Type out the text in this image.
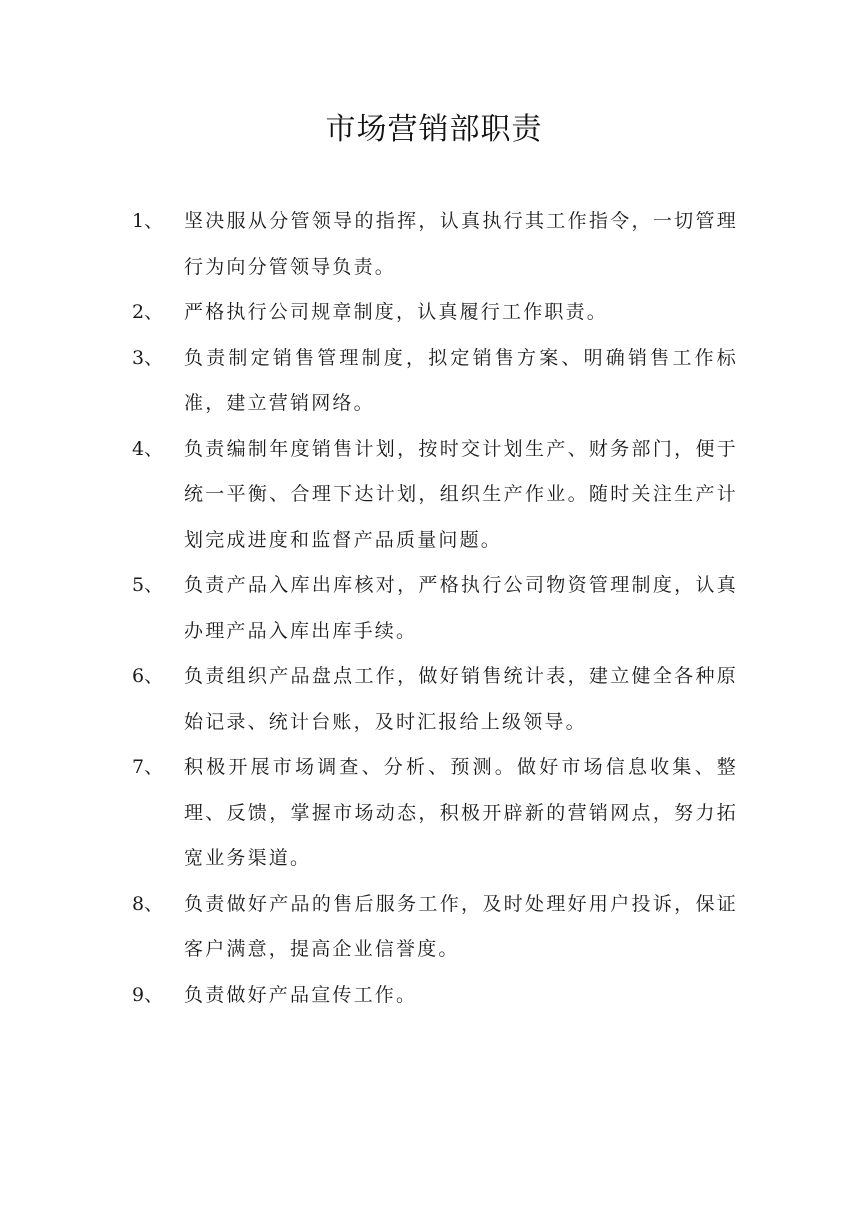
市场营销部职责
1、	坚决服从分管领导的指挥，认真执行其工作指令，一切管理行为向分管领导负责。
2、	严格执行公司规章制度，认真履行工作职责。
3、	负责制定销售管理制度，拟定销售方案、明确销售工作标准，建立营销网络。
4、	负责编制年度销售计划，按时交计划生产、财务部门，便于统一平衡、合理下达计划，组织生产作业。随时关注生产计划完成进度和监督产品质量问题。
5、	负责产品入库出库核对，严格执行公司物资管理制度，认真办理产品入库出库手续。
6、	负责组织产品盘点工作，做好销售统计表，建立健全各种原始记录、统计台账，及时汇报给上级领导。
7、	积极开展市场调查、分析、预测。做好市场信息收集、整理、反馈，掌握市场动态，积极开辟新的营销网点，努力拓宽业务渠道。
8、	负责做好产品的售后服务工作，及时处理好用户投诉，保证客户满意，提高企业信誉度。
9、	负责做好产品宣传工作。
